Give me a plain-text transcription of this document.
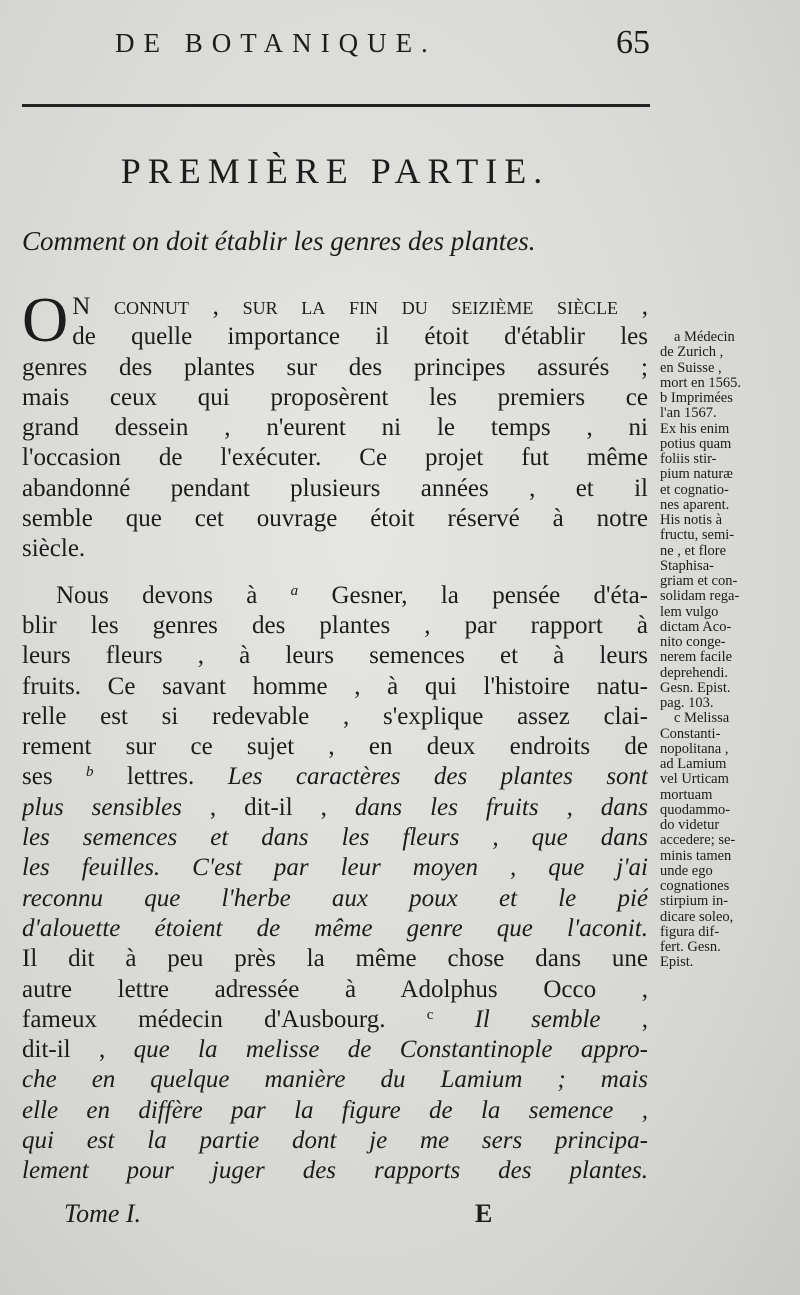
DE BOTANIQUE.	65
PREMIÈRE PARTIE.
Comment on doit établir les genres des plantes.
O N connut , sur la fin du seizième siècle ,
de quelle importance il étoit d'établir les
genres des plantes sur des principes assurés ;
mais ceux qui proposèrent les premiers ce
grand dessein , n'eurent ni le temps , ni
l'occasion de l'exécuter. Ce projet fut même
abandonné pendant plusieurs années , et il
semble que cet ouvrage étoit réservé à notre
siècle.
Nous devons à $^a$ Gesner, la pensée d'éta-
blir les genres des plantes , par rapport à
leurs fleurs , à leurs semences et à leurs
fruits. Ce savant homme , à qui l'histoire natu-
relle est si redevable , s'explique assez clai-
rement sur ce sujet , en deux endroits de
ses $^b$ lettres. Les caractères des plantes sont
plus sensibles , dit-il , dans les fruits , dans
les semences et dans les fleurs , que dans
les feuilles. C'est par leur moyen , que j'ai
reconnu que l'herbe aux poux et le pié
d'alouette étoient de même genre que l'aconit.
Il dit à peu près la même chose dans une
autre lettre adressée à Adolphus Occo ,
fameux médecin d'Ausbourg. $^c$ Il semble ,
dit-il , que la melisse de Constantinople appro-
che en quelque manière du Lamium ; mais
elle en diffère par la figure de la semence ,
qui est la partie dont je me sers principa-
lement pour juger des rapports des plantes.
a Médecin
de Zurich ,
en Suisse ,
mort en 1565.
b Imprimées
l'an 1567.
Ex his enim
potius quam
foliis stir-
pium naturæ
et cognatio-
nes aparent.
His notis à
fructu, semi-
ne , et flore
Staphisa-
griam et con-
solidam rega-
lem vulgo
dictam Aco-
nito conge-
nerem facile
deprehendi.
Gesn. Epist.
pag. 103.
c Melissa
Constanti-
nopolitana ,
ad Lamium
vel Urticam
mortuam
quodammo-
do videtur
accedere; se-
minis tamen
unde ego
cognationes
stirpium in-
dicare soleo,
figura dif-
fert. Gesn.
Epist.
Tome I.	E
